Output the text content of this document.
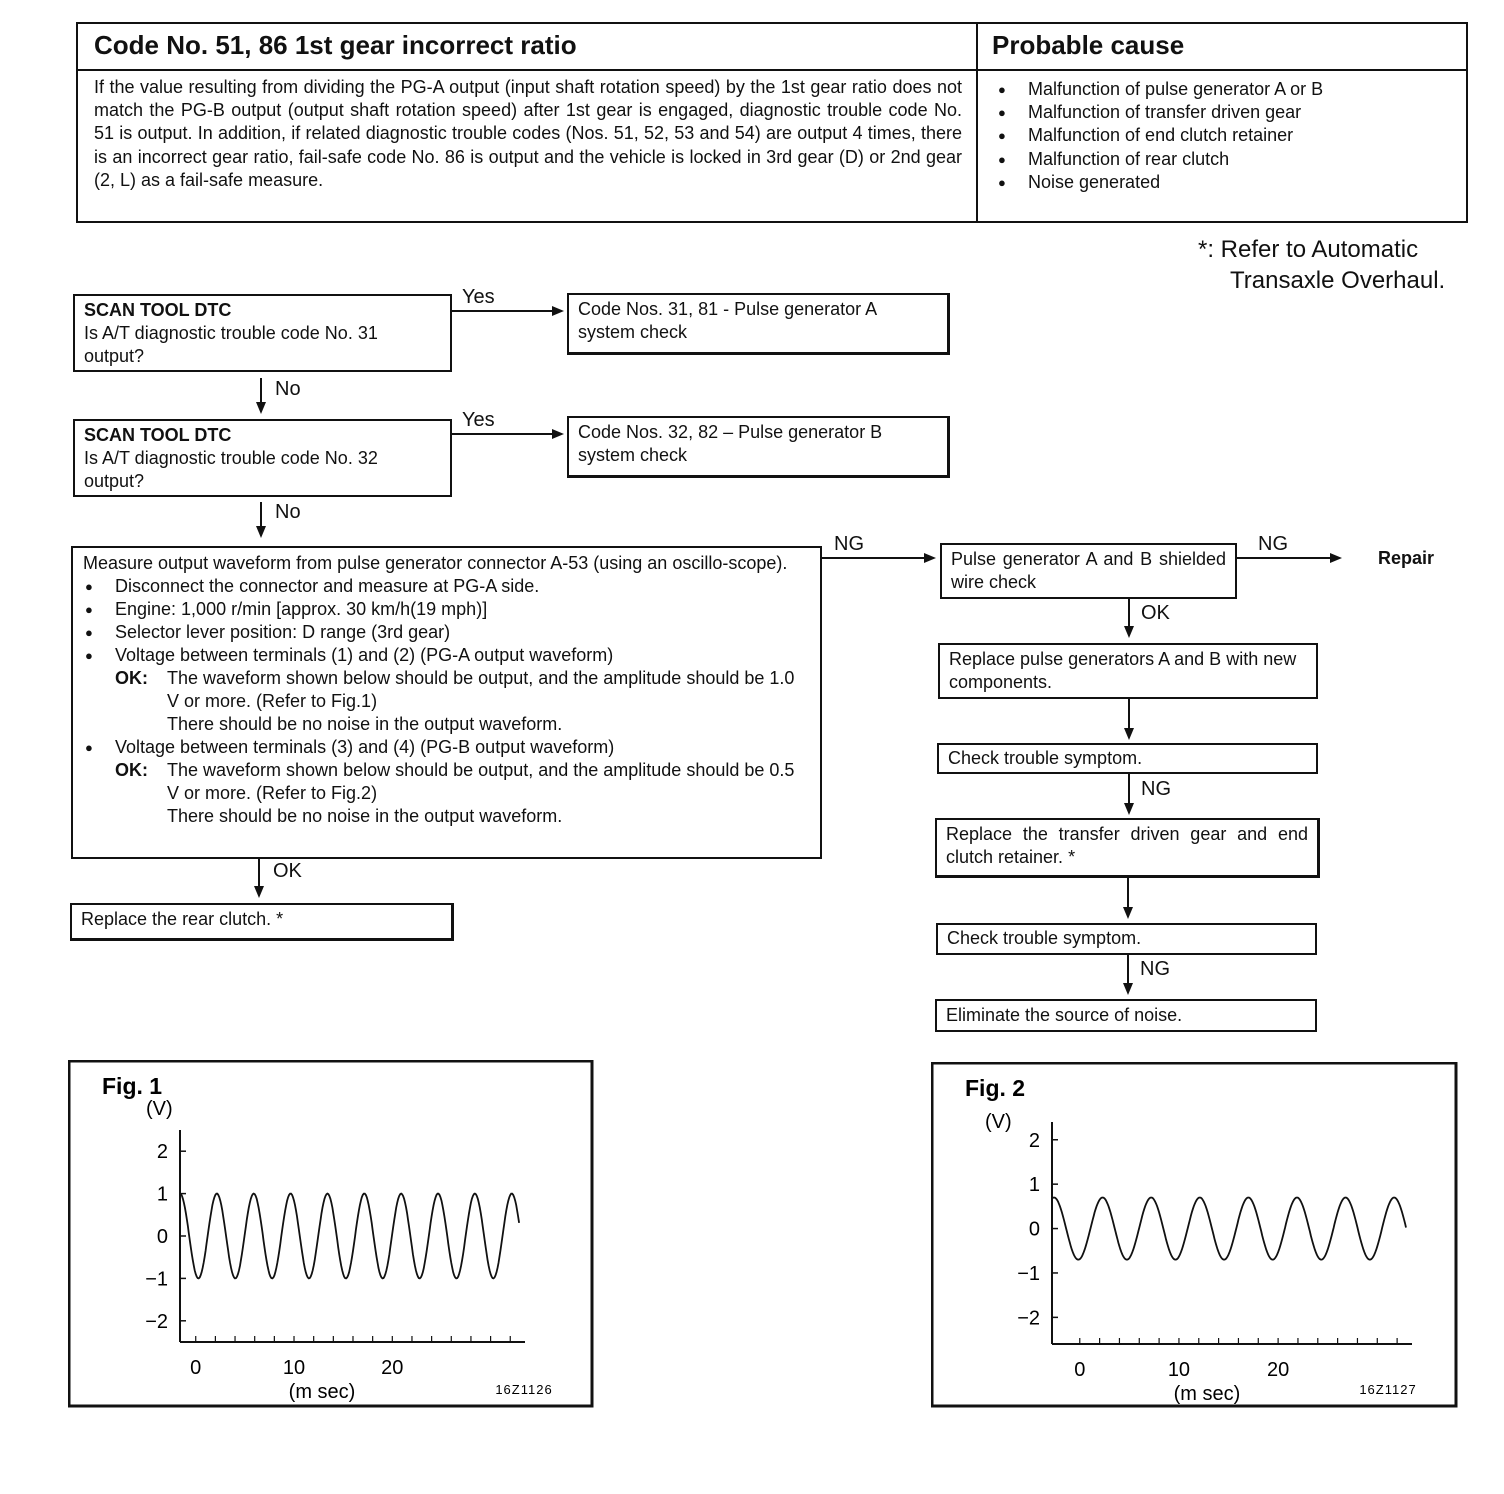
Code No. 51, 86 1st gear incorrect ratio	Probable cause
If the value resulting from dividing the PG-A output (input shaft rotation speed) by the 1st gear ratio does not match the PG-B output (output shaft rotation speed) after 1st gear is engaged, diagnostic trouble code No. 51 is output. In addition, if related diagnostic trouble codes (Nos. 51, 52, 53 and 54) are output 4 times, there is an incorrect gear ratio, fail-safe code No. 86 is output and the vehicle is locked in 3rd gear (D) or 2nd gear (2, L) as a fail-safe measure.
● Malfunction of pulse generator A or B
● Malfunction of transfer driven gear
● Malfunction of end clutch retainer
● Malfunction of rear clutch
● Noise generated
*: Refer to Automatic
Transaxle Overhaul.
SCAN TOOL DTC
Is A/T diagnostic trouble code No. 31 output?
Yes
Code Nos. 31, 81 - Pulse generator A system check
No
SCAN TOOL DTC
Is A/T diagnostic trouble code No. 32 output?
Yes
Code Nos. 32, 82 – Pulse generator B system check
No
Measure output waveform from pulse generator connector A-53 (using an oscillo-scope).
● Disconnect the connector and measure at PG-A side.
● Engine: 1,000 r/min [approx. 30 km/h(19 mph)]
● Selector lever position: D range (3rd gear)
● Voltage between terminals (1) and (2) (PG-A output waveform)
OK:	The waveform shown below should be output, and the amplitude should be 1.0 V or more. (Refer to Fig.1)
There should be no noise in the output waveform.
● Voltage between terminals (3) and (4) (PG-B output waveform)
OK:	The waveform shown below should be output, and the amplitude should be 0.5 V or more. (Refer to Fig.2)
There should be no noise in the output waveform.
OK
Replace the rear clutch. *
NG
Pulse generator A and B shielded wire check
NG
Repair
OK
Replace pulse generators A and B with new components.
Check trouble symptom.
NG
Replace the transfer driven gear and end clutch retainer. *
Check trouble symptom.
NG
Eliminate the source of noise.
Fig. 1
(V)
2
1
0
−1
−2
0	10	20
(m sec)	16Z1126
Fig. 2
(V)
2
1
0
−1
−2
0	10	20
(m sec)	16Z1127
